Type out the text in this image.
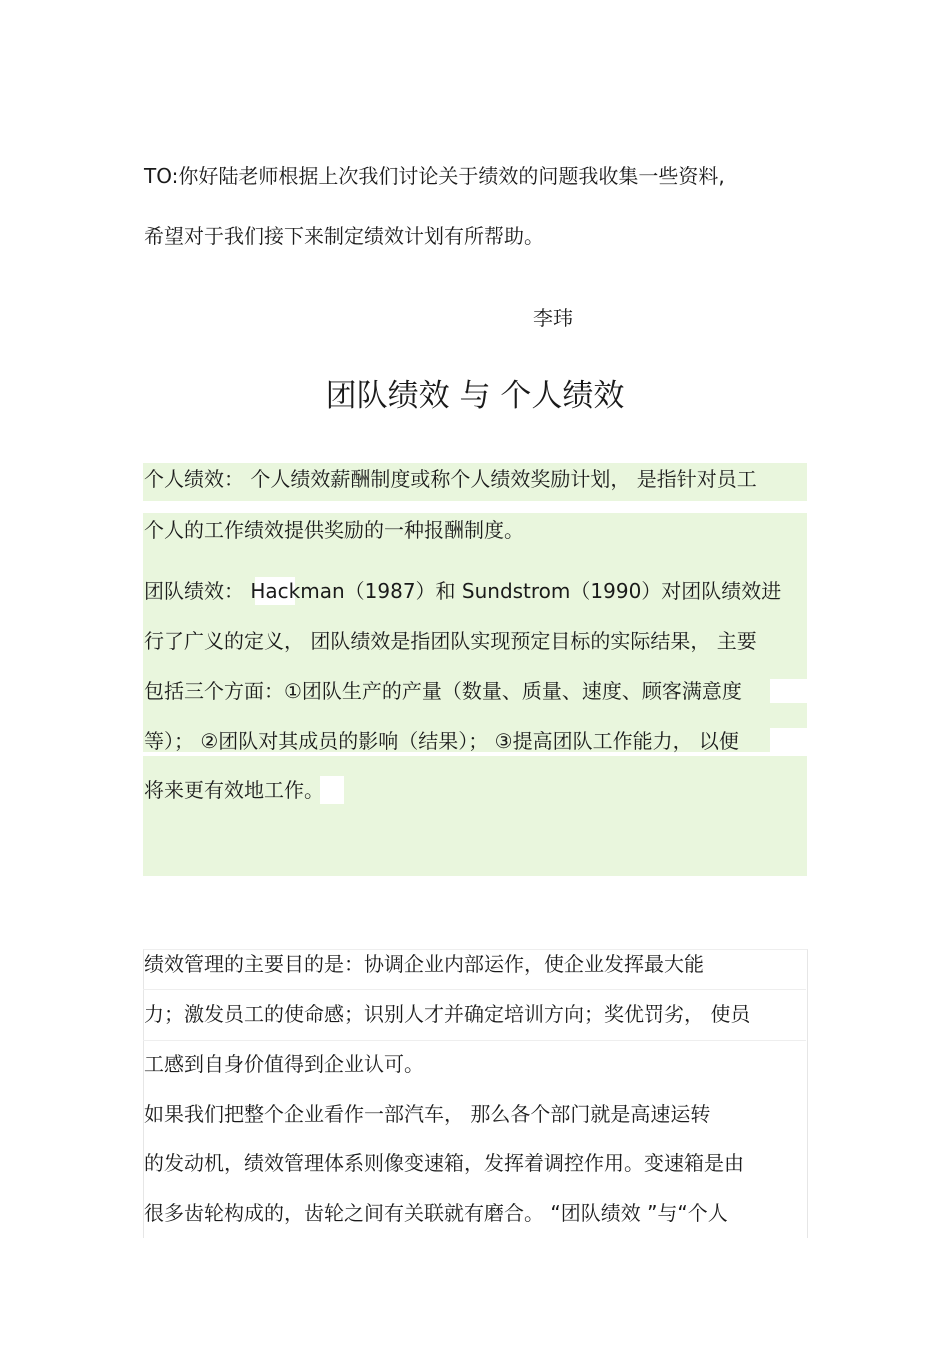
TO:你好陆老师根据上次我们讨论关于绩效的问题我收集一些资料,
希望对于我们接下来制定绩效计划有所帮助。
李玮
团队绩效 与 个人绩效
个人绩效： 个人绩效薪酬制度或称个人绩效奖励计划， 是指针对员工
个人的工作绩效提供奖励的一种报酬制度。
团队绩效： Hackman（1987）和 Sundstrom（1990）对团队绩效进
行了广义的定义， 团队绩效是指团队实现预定目标的实际结果， 主要
包括三个方面：①团队生产的产量（数量、质量、速度、顾客满意度
等）； ②团队对其成员的影响（结果）； ③提高团队工作能力， 以便
将来更有效地工作。
绩效管理的主要目的是：协调企业内部运作，使企业发挥最大能
力；激发员工的使命感；识别人才并确定培训方向；奖优罚劣， 使员
工感到自身价值得到企业认可。
如果我们把整个企业看作一部汽车， 那么各个部门就是高速运转
的发动机，绩效管理体系则像变速箱，发挥着调控作用。变速箱是由
很多齿轮构成的，齿轮之间有关联就有磨合。 “团队绩效 ”与“个人
